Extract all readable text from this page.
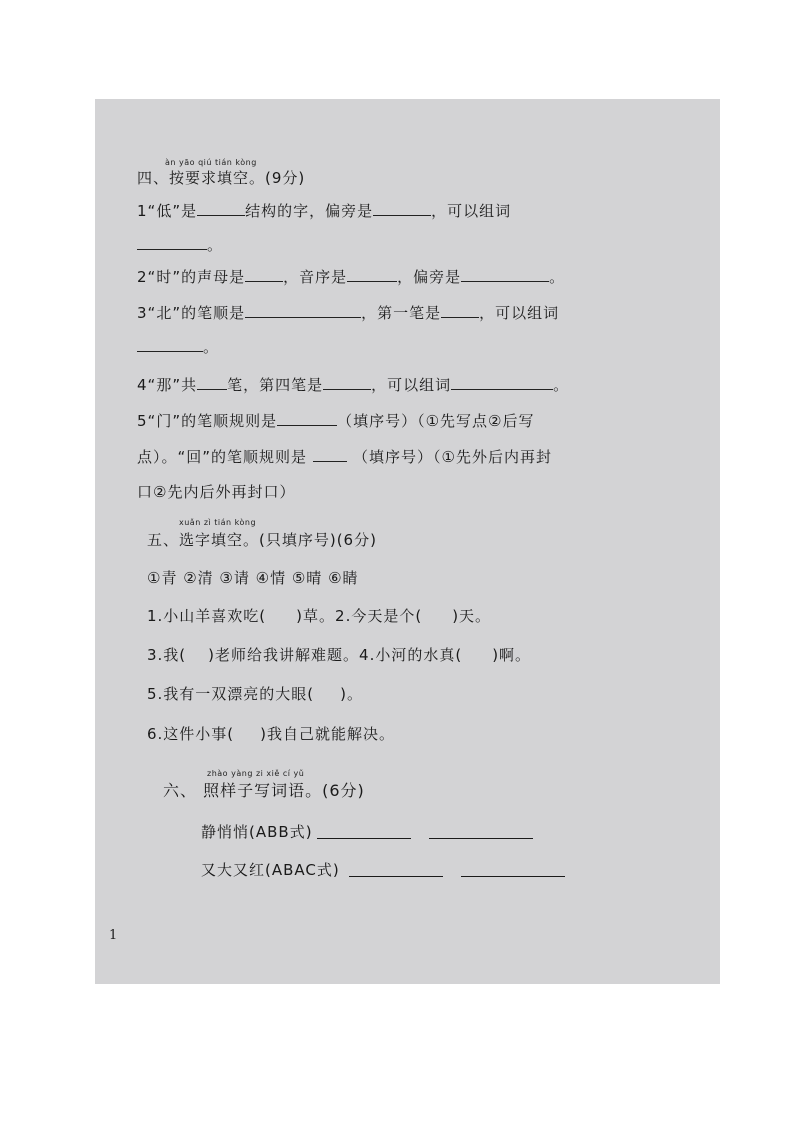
àn yāo qiú tián kòng
四、按要求填空。(9分)
1“低”是	结构的字，偏旁是	，可以组词
。
2“时”的声母是	，音序是	，偏旁是	。
3“北”的笔顺是	，第一笔是	，可以组词
。
4“那”共 笔，第四笔是	，可以组词	。
5“门”的笔顺规则是	（填序号）（①先写点②后写
点）。“回”的笔顺规则是	（填序号）（①先外后内再封
口②先内后外再封口）
xuǎn zì tián kòng
五、选字填空。(只填序号)(6分)
①青 ②清 ③请 ④情 ⑤晴 ⑥睛
1.小山羊喜欢吃( )草。2.今天是个( )天。
3.我( )老师给我讲解难题。4.小河的水真( )啊。
5.我有一双漂亮的大眼( )。
6.这件小事( )我自己就能解决。
zhào yàng zi xiě cí yǔ
六、 照样子写词语。(6分)
静悄悄(ABB式)
又大又红(ABAC式)
1
